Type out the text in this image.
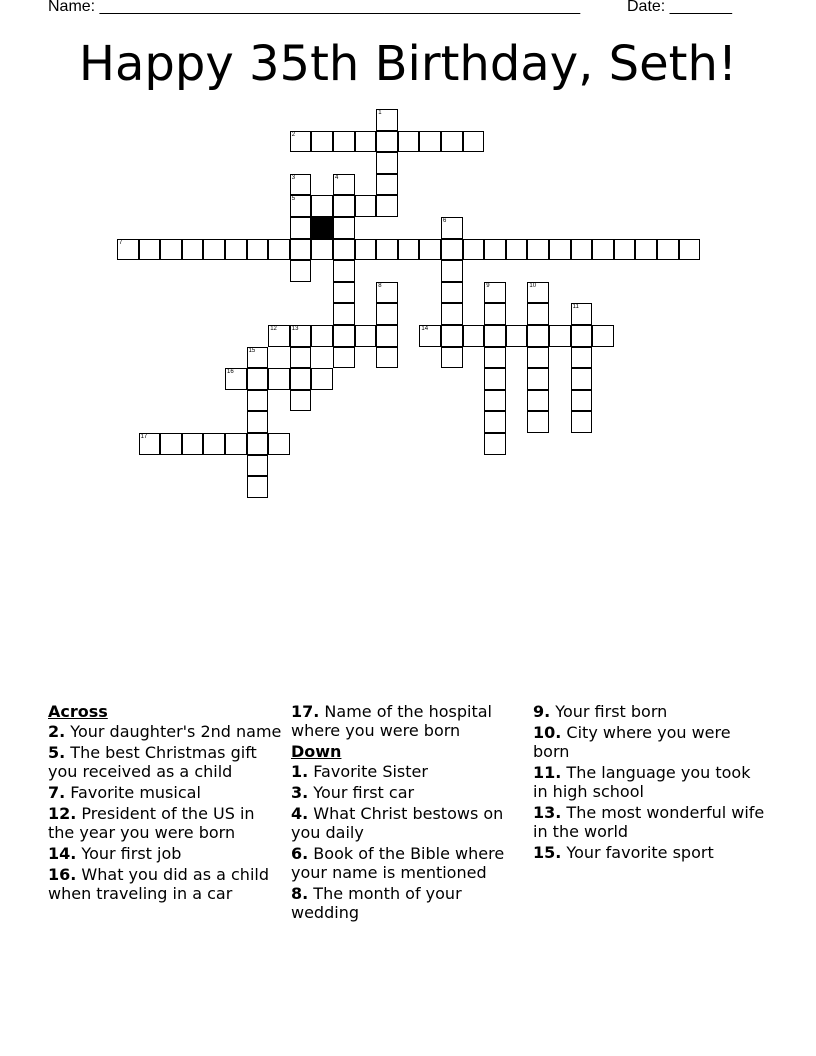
Name: ______________________________________________________	Date: _______
Happy 35th Birthday, Seth!
2
5
7
12 13	14
16
17
1
3	4
6
8	9	10
11
15
Across
2. Your daughter's 2nd name
5. The best Christmas gift you received as a child
7. Favorite musical
12. President of the US in the year you were born
14. Your first job
16. What you did as a child when traveling in a car
17. Name of the hospital where you were born
Down
1. Favorite Sister
3. Your first car
4. What Christ bestows on you daily
6. Book of the Bible where your name is mentioned
8. The month of your wedding
9. Your first born
10. City where you were born
11. The language you took in high school
13. The most wonderful wife in the world
15. Your favorite sport
